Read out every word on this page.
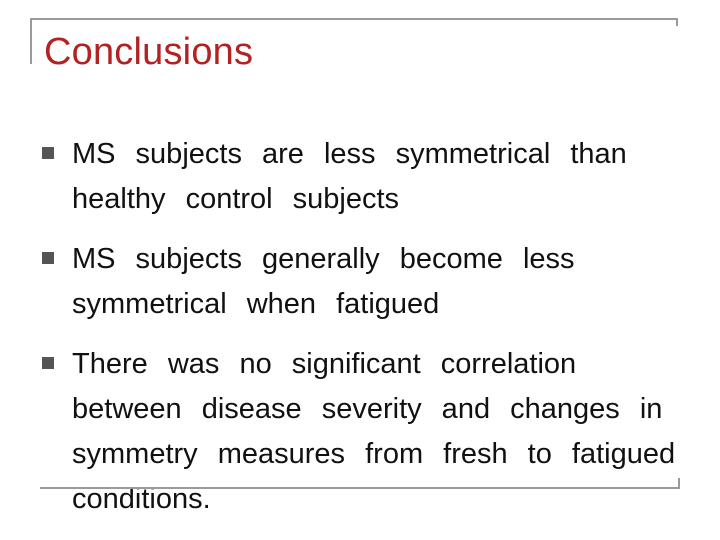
Conclusions
MS subjects are less symmetrical than healthy control subjects
MS subjects generally become less symmetrical when fatigued
There was no significant correlation between disease severity and changes in symmetry measures from fresh to fatigued conditions.
